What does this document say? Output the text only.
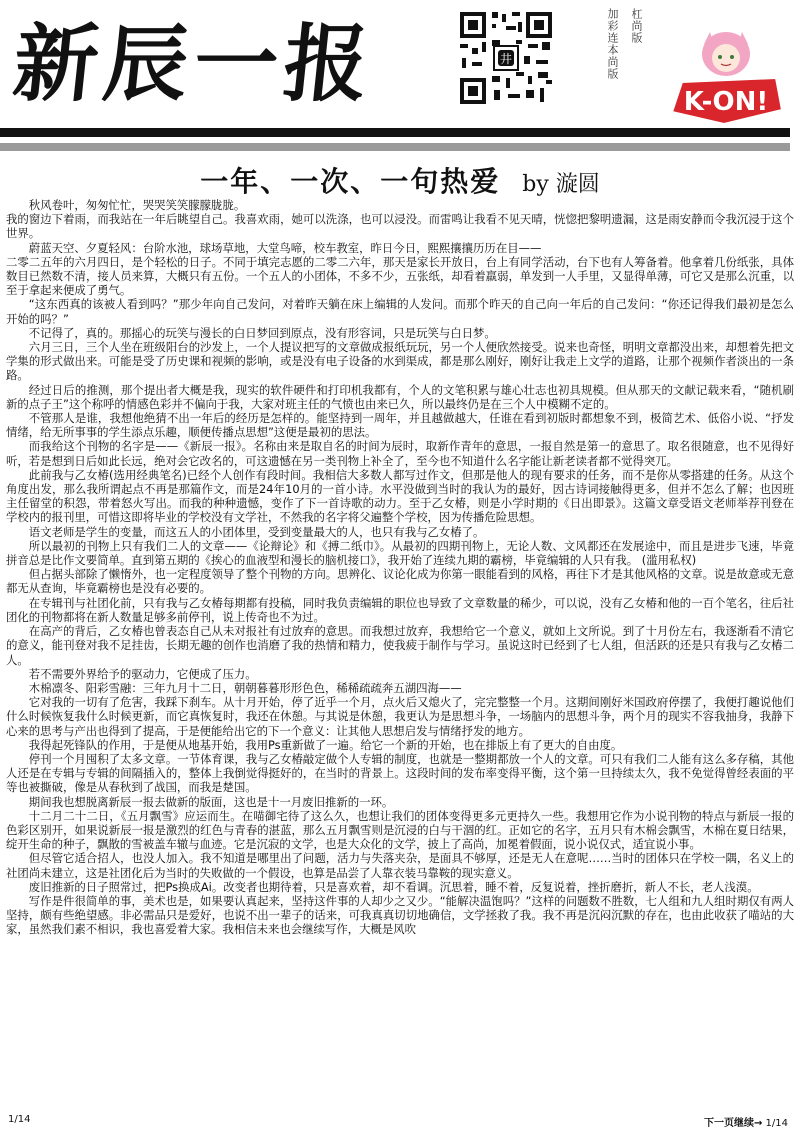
新辰一报	井	加彩连本尚版 杠尚版
K-ON!
一年、一次、一句热爱 by 漩圆

秋风卷叶，匆匆忙忙，哭哭笑笑朦朦胧胧。

我的窗边下着雨，而我站在一年后眺望自己。我喜欢雨，她可以洗涤，也可以浸没。而雷鸣让我看不见天晴，恍惚把黎明遗漏，这是雨安静而令我沉浸于这个世界。

蔚蓝天空、夕夏轻风：台阶水池，球场草地，大堂鸟啼，校车教室，昨日今日，熙熙攘攘历历在目——

二零二五年的六月四日，是个轻松的日子。不同于填完志愿的二零二六年，那天是家长开放日，台上有同学活动，台下也有人筹备着。他拿着几份纸张，具体数目已然数不清，接人员来算，大概只有五份。一个五人的小团体，不多不少，五张纸，却看着羸弱，单发到一人手里，又显得单薄，可它又是那么沉重，以至于拿起来便成了勇气。

“这东西真的该被人看到吗？”那少年向自己发问，对着昨天躺在床上编辑的人发问。而那个昨天的自己向一年后的自己发问：“你还记得我们最初是怎么开始的吗？”

不记得了，真的。那摇心的玩笑与漫长的白日梦回到原点，没有形容词，只是玩笑与白日梦。

六月三日，三个人坐在班级阳台的沙发上，一个人提议把写的文章做成报纸玩玩，另一个人便欣然接受。说来也奇怪，明明文章都没出来，却想着先把文学集的形式做出来。可能是受了历史课和视频的影响，或是没有电子设备的水到渠成，都是那么刚好，刚好让我走上文学的道路，让那个视频作者淡出的一条路。

经过日后的推测，那个提出者大概是我，现实的软件硬件和打印机我都有，个人的文笔积累与雄心壮志也初具规模。但从那天的文献记载来看，“随机刷新的点子王”这个称呼的情感色彩并不偏向于我，大家对班主任的气愤也由来已久，所以最终仍是在三个人中模糊不定的。

不管那人是谁，我想他绝猜不出一年后的经历是怎样的。能坚持到一周年，并且越做越大，任谁在看到初版时都想象不到，极简艺术、低俗小说、“抒发情绪，给无所事事的学生添点乐趣，顺便传播点思想”这便是最初的思法。

而我给这个刊物的名字是——《新辰一报》。名称由来是取自名的时间为辰时，取新作青年的意思，一报自然是第一的意思了。取名很随意，也不见得好听，若是想到日后如此长远，绝对会它改名的，可这遗憾在另一类刊物上补全了，至今也不知道什么名字能让新老读者都不觉得突兀。

此前我与乙女椿(选用经典笔名)已经个人创作有段时间。我相信大多数人都写过作文，但那是他人的现有要求的任务，而不是你从零搭建的任务。从这个角度出发，那么我所谓起点不再是那篇作文，而是24年10月的一首小诗。水平没做到当时的我认为的最好，因古诗词接触得更多，但并不怎么了解；也因班主任留堂的积怨，带着怒火写出。而我的种种遗憾，变作了下一首诗歌的动力。至于乙女椿，则是小学时期的《日出即景》。这篇文章受语文老师举荐刊登在学校内的报刊里，可惜这即将毕业的学校没有文学社，不然我的名字将父遍整个学校，因为传播危险思想。

语文老师是学生的变量，而这五人的小团体里，受到变量最大的人，也只有我与乙女椿了。

所以最初的刊物上只有我们二人的文章——《论辩论》和《搏二纸巾》。从最初的四期刊物上，无论人数、文风都还在发展途中，而且是进步飞速，毕竟拼音总是比作文要简单。直到第五期的《挨心的血液型和漫长的脑机接口》，我开始了连续九期的霸榜，毕竟编辑的人只有我。 (滥用私权)

但占据头部除了懒惰外，也一定程度领导了整个刊物的方向。思辨化、议论化成为你第一眼能看到的风格，再往下才是其他风格的文章。说是故意或无意都无从查询，毕竟霸榜也是没有必要的。

在专辑刊与社团化前，只有我与乙女椿每期都有投稿，同时我负责编辑的职位也导致了文章数量的稀少，可以说，没有乙女椿和他的一百个笔名，往后社团化的刊物都将在新人数量足够多前停刊，说上传奇也不为过。

在高产的背后，乙女椿也曾表态自己从未对报社有过放弃的意思。而我想过放弃，我想给它一个意义，就如上文所说。到了十月份左右，我逐渐看不清它的意义，能刊登对我不足挂齿，长期无趣的创作也消磨了我的热情和精力，使我疲于制作与学习。虽说这时已经到了七人组，但活跃的还是只有我与乙女椿二人。

若不需要外界给予的驱动力，它便成了压力。

木棉凛冬、阳彩雪融：三年九月十二日，朝朝暮暮形形色色，稀稀疏疏奔五湖四海——

它对我的一切有了危害，我踩下刹车。从十月开始，停了近乎一个月，点火后又熄火了，完完整整一个月。这期间刚好米国政府停摆了，我便打趣说他们什么时候恢复我什么时候更新，而它真恢复时，我还在休憩。与其说是休憩，我更认为是思想斗争，一场脑内的思想斗争，两个月的现实不容我抽身，我静下心来的思考与产出也得到了提高，于是便能给出它的下一个意义：让其他人思想启发与情绪抒发的地方。

我得起死锋队的作用，于是便从地基开始，我用Ps重新做了一遍。给它一个新的开始，也在排版上有了更大的自由度。

停刊一个月囤积了太多文章。一节体育课，我与乙女椿敲定做个人专辑的制度，也就是一整期都放一个人的文章。可只有我们二人能有这么多存稿，其他人还是在专辑与专辑的间隔插入的，整体上我倒觉得挺好的，在当时的背景上。这段时间的发布率变得平衡，这个第一旦持续太久，我不免觉得曾经表面的平等也被撕破，像是从春秋到了战国，而我是楚国。

期间我也想脱离新辰一报去做新的版面，这也是十一月废旧推新的一环。

十二月二十二日，《五月飘雪》应运而生。在喵御宅待了这么久，也想让我们的团体变得更多元更持久一些。我想用它作为小说刊物的特点与新辰一报的色彩区别开，如果说新辰一报是激烈的红色与青春的湛蓝，那么五月飘雪则是沉浸的白与干涸的红。正如它的名字，五月只有木棉会飘雪，木棉在夏日结果，绽开生命的种子，飘散的雪被盖车辙与血迹。它是沉寂的文学，也是大众化的文学，披上了高尚，加冕着假面，说小说仅式，适宜说小事。

但尽管它适合招人，也没人加入。我不知道是哪里出了问题，活力与失落夹杂，是面具不够厚，还是无人在意呢……当时的团体只在学校一隅，名义上的社团尚未建立，这是社团化后为当时的失败做的一个假设，也算是品尝了人靠衣装马靠鞍的现实意义。

废旧推新的日子照常过，把Ps换成Ai。改变者也期待着，只是喜欢着，却不看调。沉思着，睡不着，反复说着，挫折磨折，新人不长，老人浅漠。

写作是件很简单的事，美术也是，如果要认真起来，坚持这件事的人却少之又少。“能解决温饱吗？”这样的问题数不胜数，七人组和九人组时期仅有两人坚持，颇有些绝望感。非必需品只是爱好，也说不出一辈子的话来，可我真真切切地确信，文学拯救了我。我不再是沉闷沉默的存在，也由此收获了喵站的大家，虽然我们素不相识，我也喜爱着大家。我相信未来也会继续写作，大概是风吹

1/14	下一页继续→ 1/14
